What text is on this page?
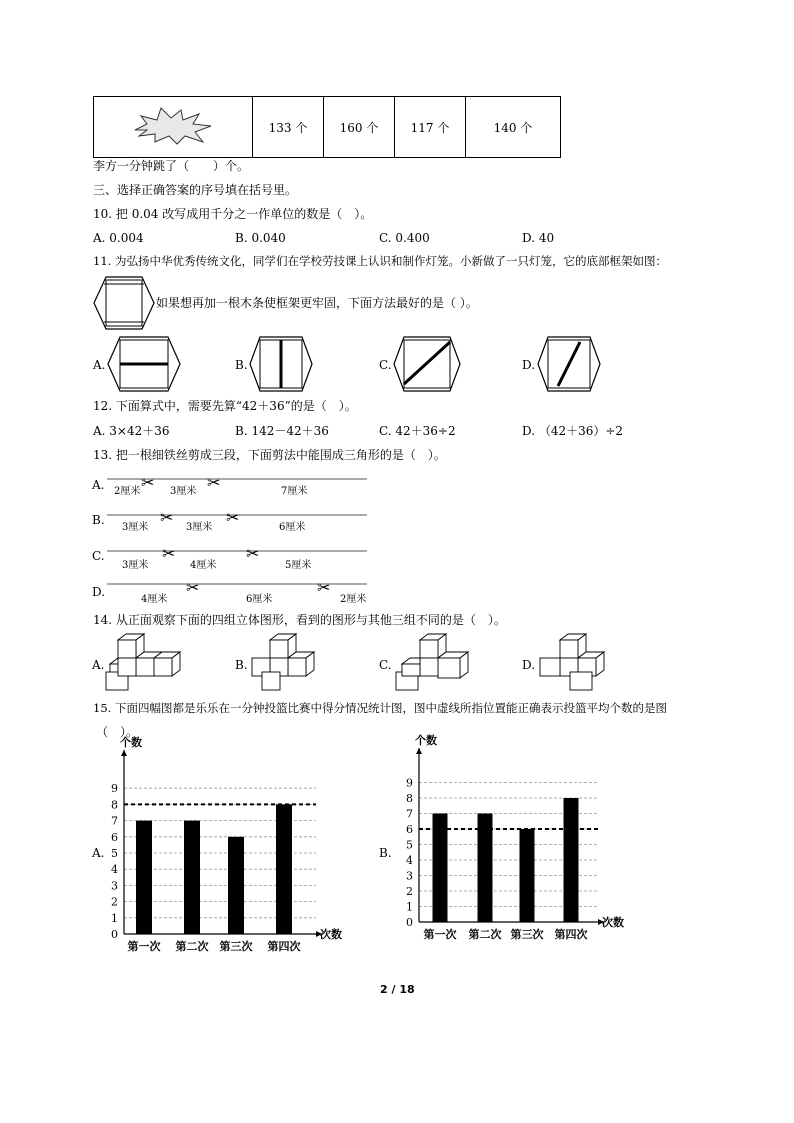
	133 个	160 个	117 个	140 个
李方一分钟跳了（　　）个。
三、选择正确答案的序号填在括号里。
10. 把 0.04 改写成用千分之一作单位的数是（　）。
A. 0.004	B. 0.040	C. 0.400	D. 40
11. 为弘扬中华优秀传统文化，同学们在学校劳技课上认识和制作灯笼。小新做了一只灯笼，它的底部框架如图：
如果想再加一根木条使框架更牢固，下面方法最好的是（ ）。
A.	B.	C.	D.
12. 下面算式中，需要先算“42＋36”的是（　）。
A. 3×42＋36	B. 142－42＋36	C. 42＋36÷2	D. （42＋36）÷2
13. 把一根细铁丝剪成三段，下面剪法中能围成三角形的是（　）。
A. ✂	✂
2厘米	3厘米	7厘米
B.	✂	✂
3厘米	3厘米	6厘米
C.	✂	✂
3厘米	4厘米	5厘米
D.	✂	✂
4厘米	6厘米	2厘米
14. 从正面观察下面的四组立体图形，看到的图形与其他三组不同的是（　）。
A.	B.	C.	D.
15. 下面四幅图都是乐乐在一分钟投篮比赛中得分情况统计图，图中虚线所指位置能正确表示投篮平均个数的是图
（　）。
A.
0
1
2
3
4
5
6
7
8
9
个数
次数
第一次 第二次 第三次 第四次
B.
0
1
2
3
4
5
6
7
8
9
个数
次数
第一次 第二次 第三次 第四次
2 / 18
